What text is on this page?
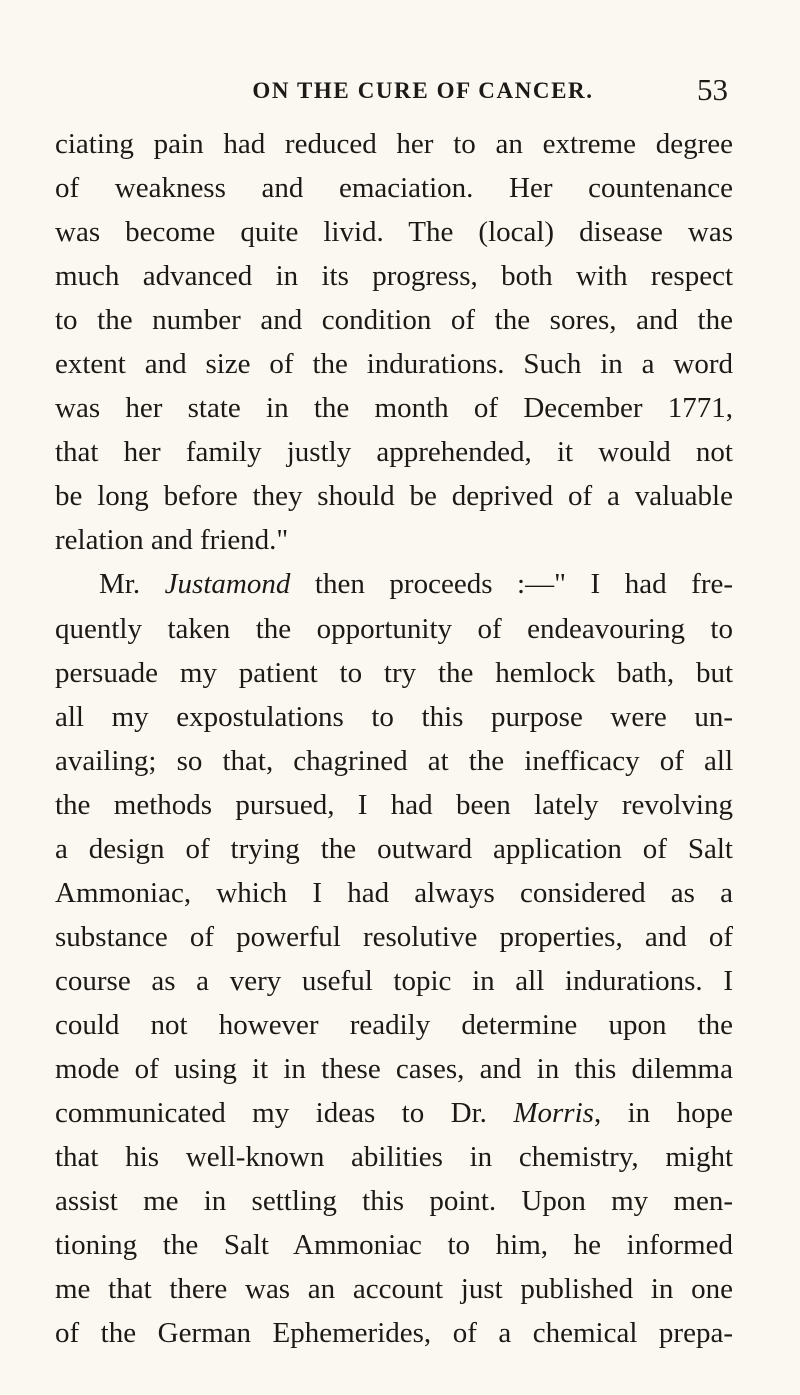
ON THE CURE OF CANCER.	53
ciating pain had reduced her to an extreme degree
of weakness and emaciation. Her countenance
was become quite livid. The (local) disease was
much advanced in its progress, both with respect
to the number and condition of the sores, and the
extent and size of the indurations. Such in a word
was her state in the month of December 1771,
that her family justly apprehended, it would not
be long before they should be deprived of a valuable
relation and friend."
Mr. Justamond then proceeds :—" I had fre-
quently taken the opportunity of endeavouring to
persuade my patient to try the hemlock bath, but
all my expostulations to this purpose were un-
availing; so that, chagrined at the inefficacy of all
the methods pursued, I had been lately revolving
a design of trying the outward application of Salt
Ammoniac, which I had always considered as a
substance of powerful resolutive properties, and of
course as a very useful topic in all indurations. I
could not however readily determine upon the
mode of using it in these cases, and in this dilemma
communicated my ideas to Dr. Morris, in hope
that his well-known abilities in chemistry, might
assist me in settling this point. Upon my men-
tioning the Salt Ammoniac to him, he informed
me that there was an account just published in one
of the German Ephemerides, of a chemical prepa-
